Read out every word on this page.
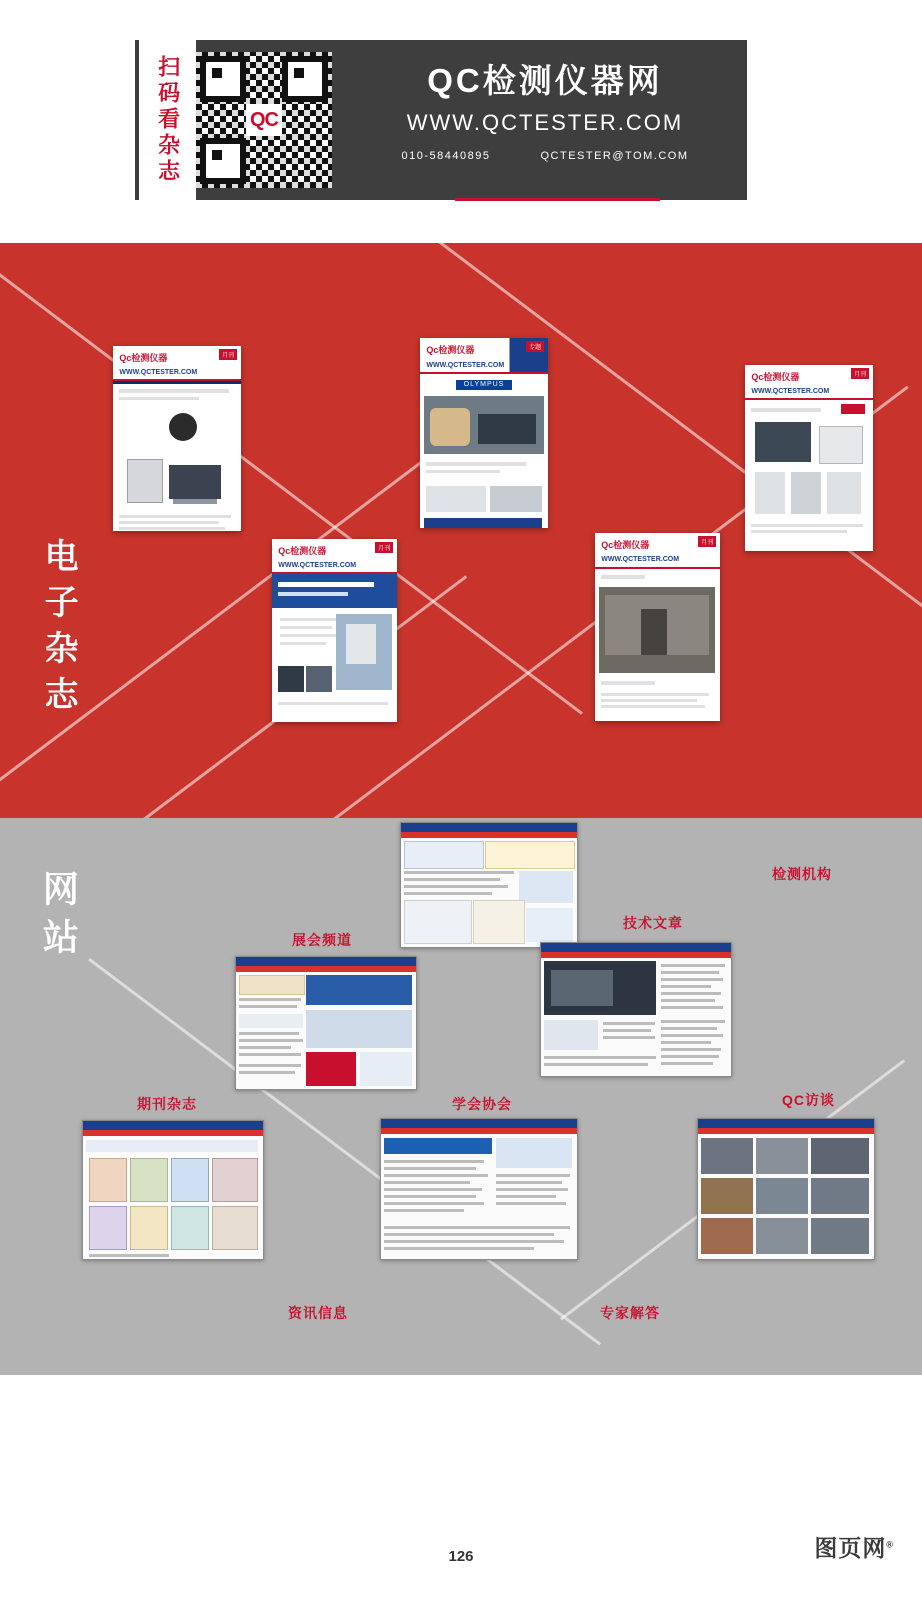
扫码看杂志	QC
QC检测仪器网
WWW.QCTESTER.COM
010-58440895	QCTESTER@TOM.COM
电子杂志
Qc检测仪器
WWW.QCTESTER.COM
月刊
Qc检测仪器
WWW.QCTESTER.COM
专题
OLYMPUS
Qc检测仪器
WWW.QCTESTER.COM
月刊
Qc检测仪器
WWW.QCTESTER.COM
月刊	Qc检测仪器
WWW.QCTESTER.COM
月刊
网站	检测机构
技术文章
展会频道
期刊杂志	学会协会	QC访谈
资讯信息	专家解答
126	图页网®
